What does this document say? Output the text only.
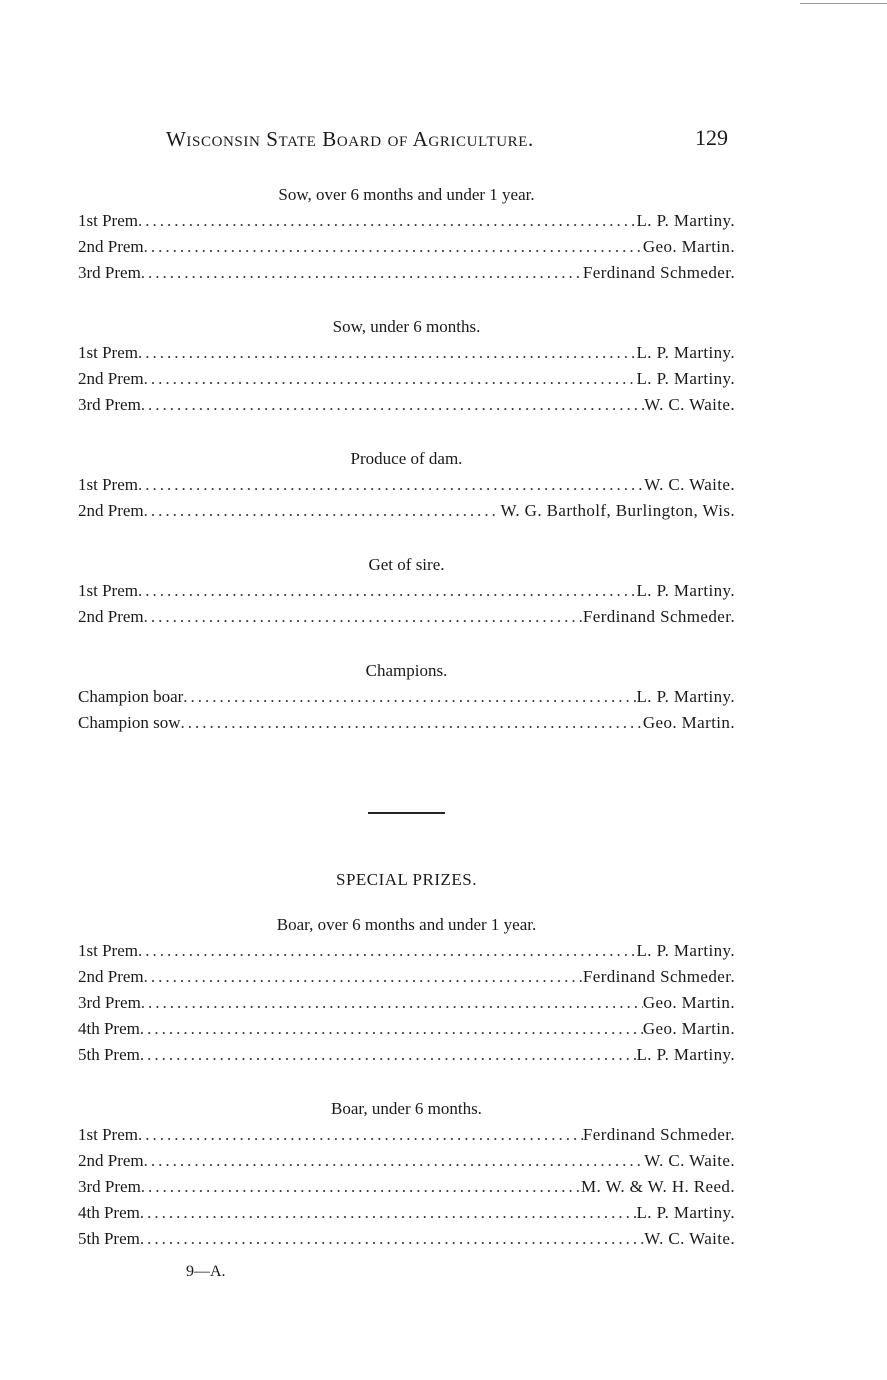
Wisconsin State Board of Agriculture.	129
Sow, over 6 months and under 1 year.
1st Prem .....	L. P. Martiny.
2nd Prem .....	Geo. Martin.
3rd Prem .....	Ferdinand Schmeder.
Sow, under 6 months.
1st Prem .....	L. P. Martiny.
2nd Prem .....	L. P. Martiny.
3rd Prem .....	W. C. Waite.
Produce of dam.
1st Prem .....	W. C. Waite.
2nd Prem .....	W. G. Bartholf, Burlington, Wis.
Get of sire.
1st Prem .....	L. P. Martiny.
2nd Prem .....	Ferdinand Schmeder.
Champions.
Champion boar .....	L. P. Martiny.
Champion sow .....	Geo. Martin.
SPECIAL PRIZES.
Boar, over 6 months and under 1 year.
1st Prem .....	L. P. Martiny.
2nd Prem .....	Ferdinand Schmeder.
3rd Prem .....	Geo. Martin.
4th Prem .....	Geo. Martin.
5th Prem .....	L. P. Martiny.
Boar, under 6 months.
1st Prem .....	Ferdinand Schmeder.
2nd Prem .....	W. C. Waite.
3rd Prem .....	M. W. & W. H. Reed.
4th Prem .....	L. P. Martiny.
5th Prem .....	W. C. Waite.
9—A.
